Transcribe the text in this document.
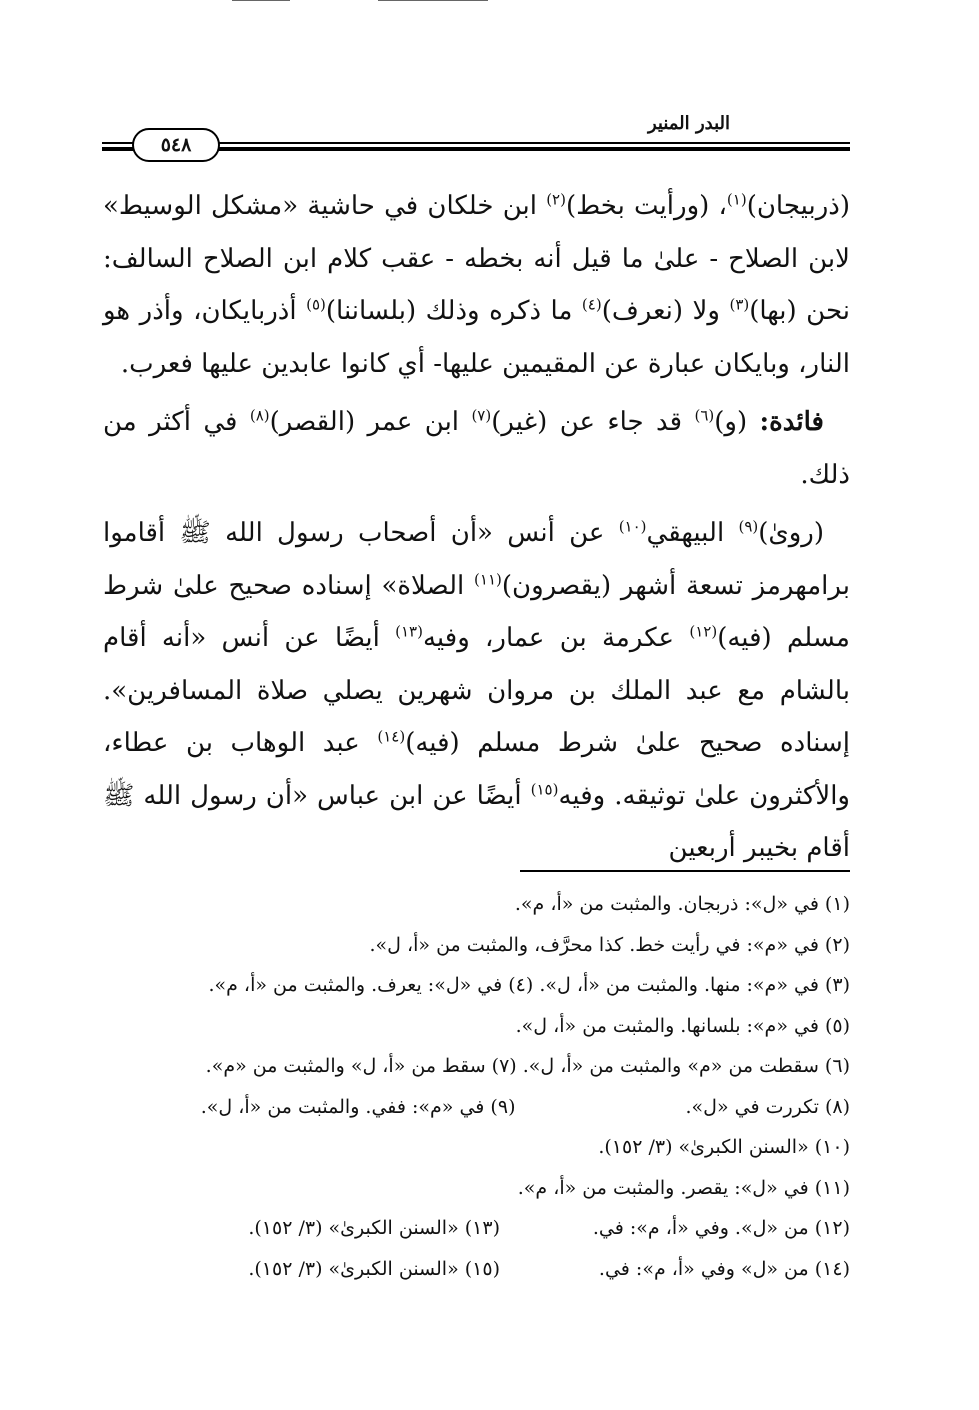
البدر المنير
٥٤٨

(ذربيجان)$^{(١)}$، (ورأيت بخط)$^{(٢)}$ ابن خلكان في حاشية «مشكل الوسيط» لابن الصلاح - علىٰ ما قيل أنه بخطه - عقب كلام ابن الصلاح السالف: نحن (بها)$^{(٣)}$ ولا (نعرف)$^{(٤)}$ ما ذكره وذلك (بلساننا)$^{(٥)}$ أذربايكان، وأذر هو النار، وبايكان عبارة عن المقيمين عليها- أي كانوا عابدين عليها فعرب.

 فائدة: (و)$^{(٦)}$ قد جاء عن (غير)$^{(٧)}$ ابن عمر (القصر)$^{(٨)}$ في أكثر من ذلك.

 (روىٰ)$^{(٩)}$ البيهقي$^{(١٠)}$ عن أنس «أن أصحاب رسول الله ﷺ أقاموا برامهرمز تسعة أشهر (يقصرون)$^{(١١)}$ الصلاة» إسناده صحيح علىٰ شرط مسلم (فيه)$^{(١٢)}$ عكرمة بن عمار، وفيه$^{(١٣)}$ أيضًا عن أنس «أنه أقام بالشام مع عبد الملك بن مروان شهرين يصلي صلاة المسافرين». إسناده صحيح علىٰ شرط مسلم (فيه)$^{(١٤)}$ عبد الوهاب بن عطاء، والأكثرون علىٰ توثيقه. وفيه$^{(١٥)}$ أيضًا عن ابن عباس «أن رسول الله ﷺ أقام بخيبر أربعين

(١) في «ل»: ذربجان. والمثبت من «أ، م».
(٢) في «م»: في رأيت خط. كذا محرَّف، والمثبت من «أ، ل».
(٣) في «م»: منها. والمثبت من «أ، ل». (٤) في «ل»: يعرف. والمثبت من «أ، م».
(٥) في «م»: بلسانها. والمثبت من «أ، ل».
(٦) سقطت من «م» والمثبت من «أ، ل». (٧) سقط من «أ، ل» والمثبت من «م».
(٨) تكررت في «ل».(٩) في «م»: ففي. والمثبت من «أ، ل».
(١٠) «السنن الكبرىٰ» (٣/ ١٥٢).
(١١) في «ل»: يقصر. والمثبت من «أ، م».
(١٢) من «ل». وفي «أ، م»: في.(١٣) «السنن الكبرىٰ» (٣/ ١٥٢).
(١٤) من «ل» وفي «أ، م»: في.(١٥) «السنن الكبرىٰ» (٣/ ١٥٢).
